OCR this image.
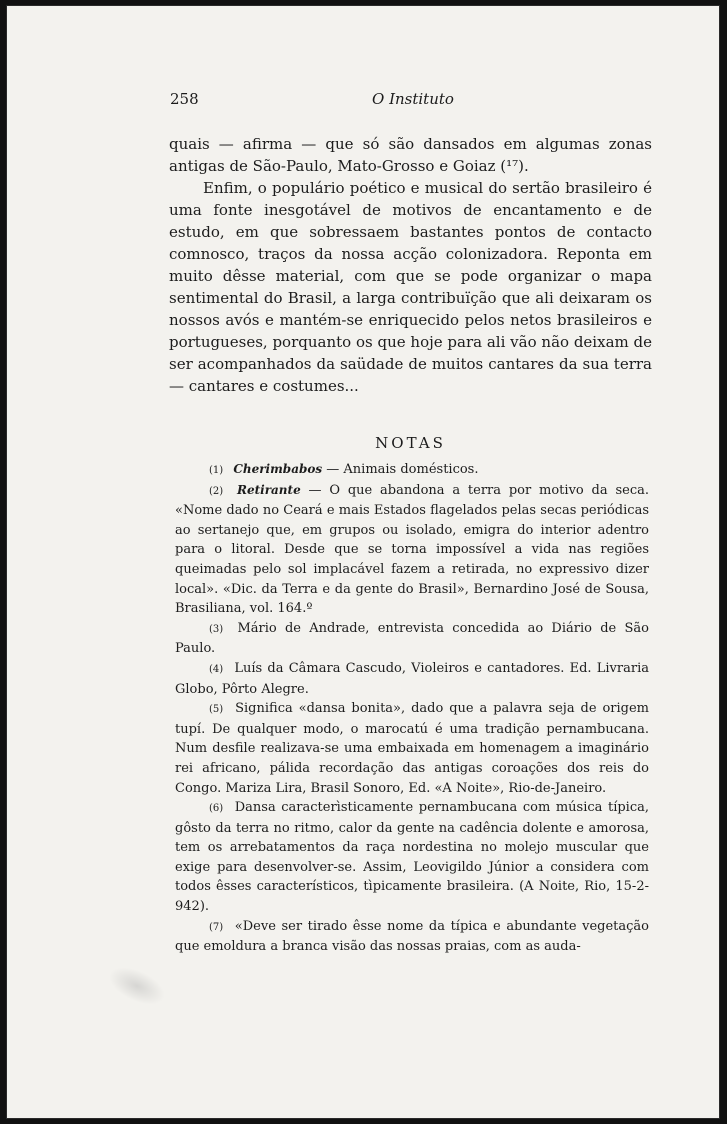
258	O Instituto

quais — afirma — que só são dansados em algumas zonas antigas de São-Paulo, Mato-Grosso e Goiaz (¹⁷).

Enfim, o populário poético e musical do sertão brasileiro é uma fonte inesgotável de motivos de encantamento e de estudo, em que sobressaem bastantes pontos de contacto comnosco, traços da nossa acção colonizadora. Reponta em muito dêsse material, com que se pode organizar o mapa sentimental do Brasil, a larga contribuïção que ali deixaram os nossos avós e mantém-se enriquecido pelos netos brasileiros e portugueses, porquanto os que hoje para ali vão não deixam de ser acompanhados da saüdade de muitos cantares da sua terra — cantares e costumes...

NOTAS

(1) Cherimbabos — Animais domésticos.

(2) Retirante — O que abandona a terra por motivo da seca. «Nome dado no Ceará e mais Estados flagelados pelas secas periódicas ao sertanejo que, em grupos ou isolado, emigra do interior adentro para o litoral. Desde que se torna impossível a vida nas regiões queimadas pelo sol implacável fazem a retirada, no expressivo dizer local». «Dic. da Terra e da gente do Brasil», Bernardino José de Sousa, Brasiliana, vol. 164.º

(3) Mário de Andrade, entrevista concedida ao Diário de São Paulo.

(4) Luís da Câmara Cascudo, Violeiros e cantadores. Ed. Livraria Globo, Pôrto Alegre.

(5) Significa «dansa bonita», dado que a palavra seja de origem tupí. De qualquer modo, o marocatú é uma tradição pernambucana. Num desfile realizava-se uma embaixada em homenagem a imaginário rei africano, pálida recordação das antigas coroações dos reis do Congo. Mariza Lira, Brasil Sonoro, Ed. «A Noite», Rio-de-Janeiro.

(6) Dansa caracterìsticamente pernambucana com música típica, gôsto da terra no ritmo, calor da gente na cadência dolente e amorosa, tem os arrebatamentos da raça nordestina no molejo muscular que exige para desenvolver-se. Assim, Leovigildo Júnior a considera com todos êsses característicos, tìpicamente brasileira. (A Noite, Rio, 15-2-942).

(7) «Deve ser tirado êsse nome da típica e abundante vegetação que emoldura a branca visão das nossas praias, com as auda-
